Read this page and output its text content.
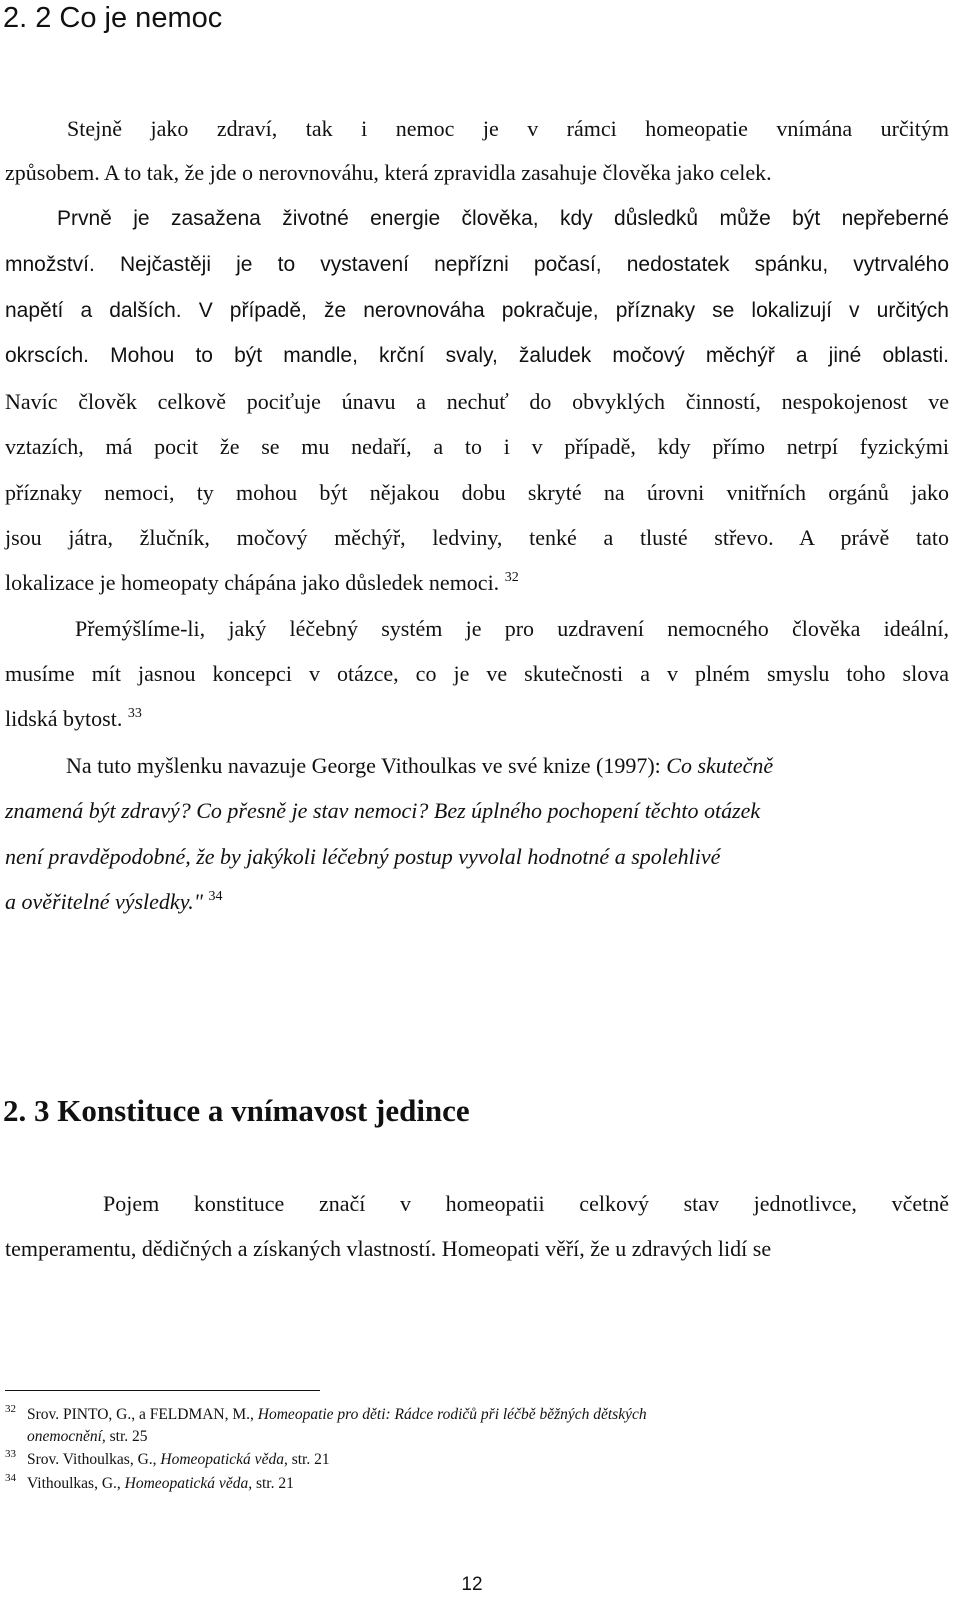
2. 2 Co je nemoc
Stejně jako zdraví, tak i nemoc je v rámci homeopatie vnímána určitým
způsobem. A to tak, že jde o nerovnováhu, která zpravidla zasahuje člověka jako celek.
Prvně je zasažena životné energie člověka, kdy důsledků může být nepřeberné
množství. Nejčastěji je to vystavení nepřízni počasí, nedostatek spánku, vytrvalého
napětí a dalších. V případě, že nerovnováha pokračuje, příznaky se lokalizují v určitých
okrscích. Mohou to být mandle, krční svaly, žaludek močový měchýř a jiné oblasti.
Navíc člověk celkově pociťuje únavu a nechuť do obvyklých činností, nespokojenost ve
vztazích, má pocit že se mu nedaří, a to i v případě, kdy přímo netrpí fyzickými
příznaky nemoci, ty mohou být nějakou dobu skryté na úrovni vnitřních orgánů jako
jsou játra, žlučník, močový měchýř, ledviny, tenké a tlusté střevo. A právě tato
lokalizace je homeopaty chápána jako důsledek nemoci. $^{32}$
Přemýšlíme-li, jaký léčebný systém je pro uzdravení nemocného člověka ideální,
musíme mít jasnou koncepci v otázce, co je ve skutečnosti a v plném smyslu toho slova
lidská bytost. $^{33}$
Na tuto myšlenku navazuje George Vithoulkas ve své knize (1997): Co skutečně
znamená být zdravý? Co přesně je stav nemoci? Bez úplného pochopení těchto otázek
není pravděpodobné, že by jakýkoli léčebný postup vyvolal hodnotné a spolehlivé
a ověřitelné výsledky." $^{34}$
2. 3 Konstituce a vnímavost jedince
Pojem konstituce značí v homeopatii celkový stav jednotlivce, včetně
temperamentu, dědičných a získaných vlastností. Homeopati věří, že u zdravých lidí se
32 Srov. PINTO, G., a FELDMAN, M., Homeopatie pro děti: Rádce rodičů při léčbě běžných dětských
onemocnění, str. 25
33 Srov. Vithoulkas, G., Homeopatická věda, str. 21
34 Vithoulkas, G., Homeopatická věda, str. 21
12
